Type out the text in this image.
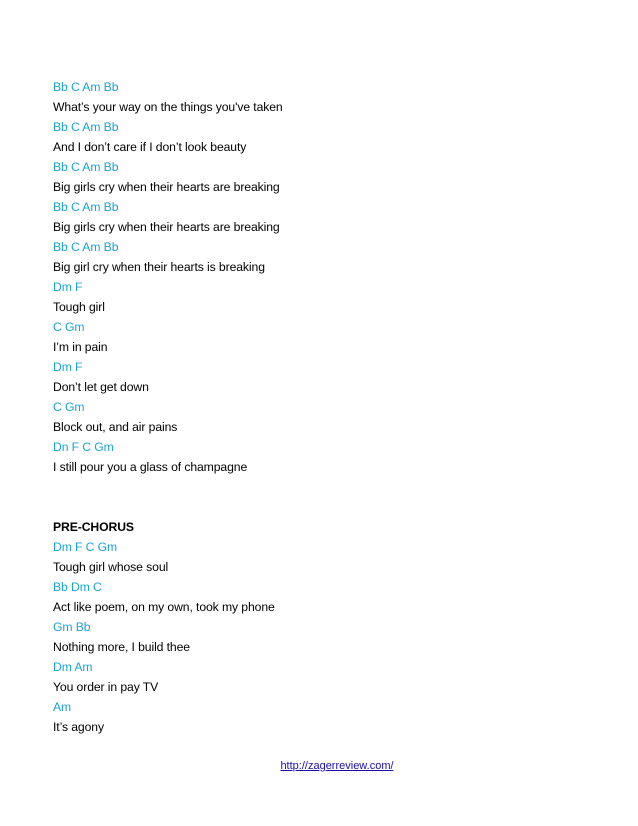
Bb C Am Bb
What’s your way on the things you've taken
Bb C Am Bb
And I don’t care if I don’t look beauty
Bb C Am Bb
Big girls cry when their hearts are breaking
Bb C Am Bb
Big girls cry when their hearts are breaking
Bb C Am Bb
Big girl cry when their hearts is breaking
Dm F
Tough girl
C Gm
I’m in pain
Dm F
Don’t let get down
C Gm
Block out, and air pains
Dn F C Gm
I still pour you a glass of champagne
PRE-CHORUS
Dm F C Gm
Tough girl whose soul
Bb Dm C
Act like poem, on my own, took my phone
Gm Bb
Nothing more, I build thee
Dm Am
You order in pay TV
Am
It’s agony
http://zagerreview.com/
